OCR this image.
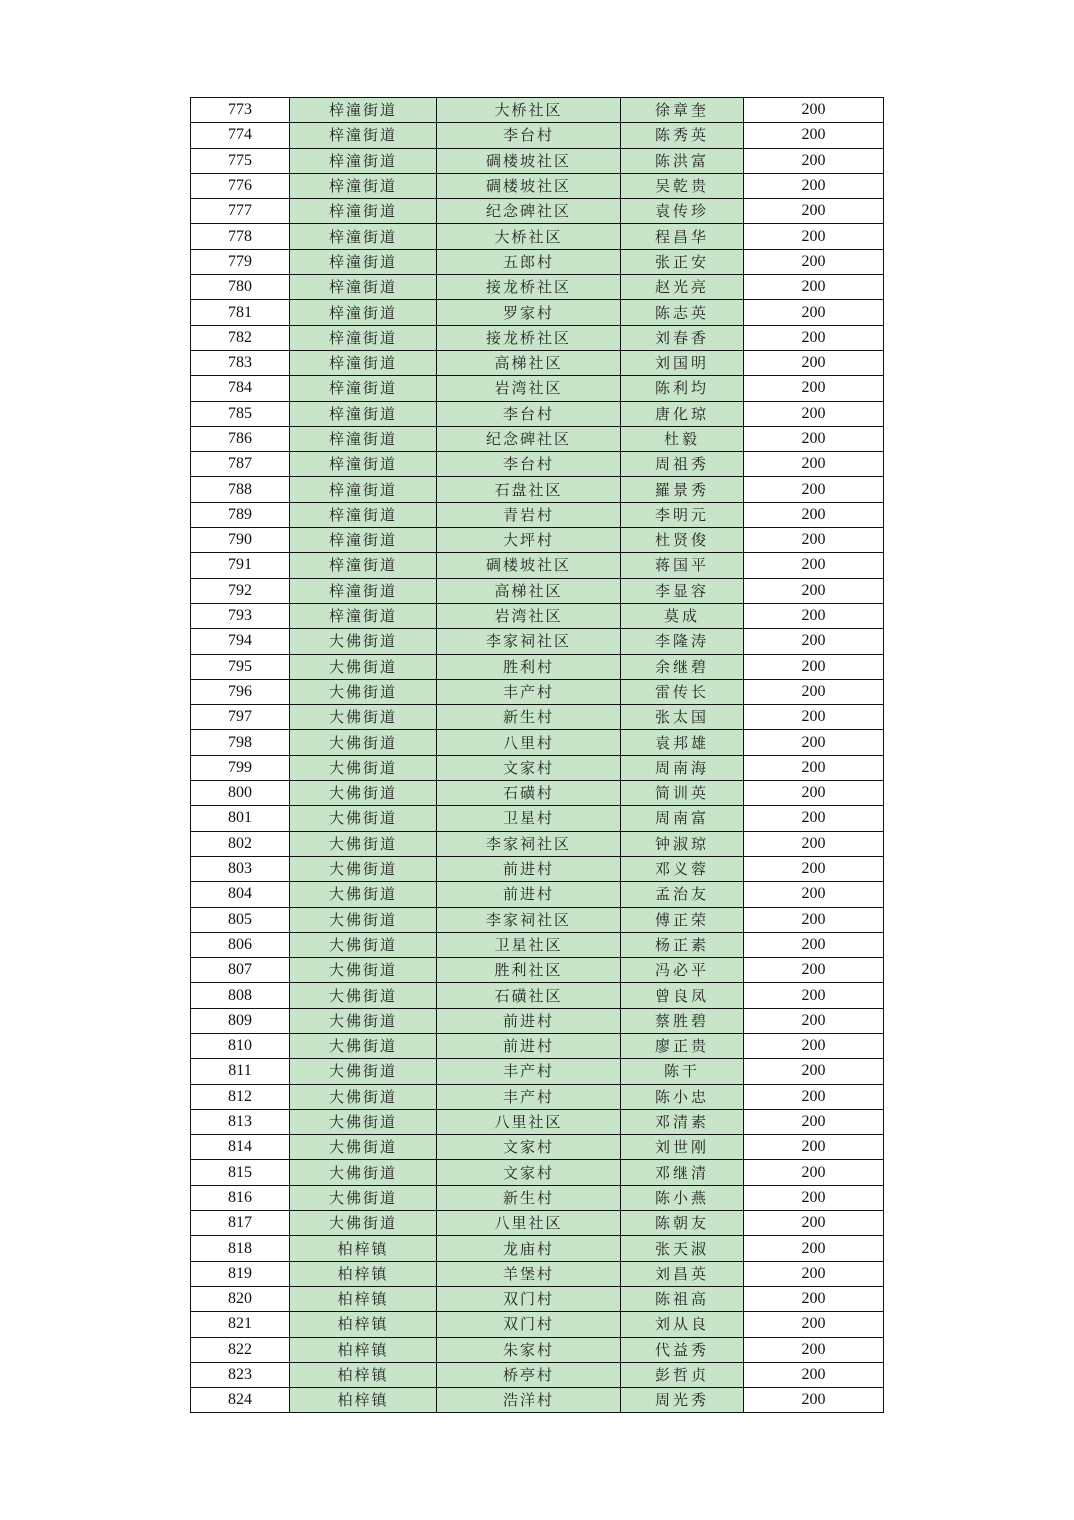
773	梓潼街道	大桥社区	徐章奎	200
774	梓潼街道	李台村	陈秀英	200
775	梓潼街道	碉楼坡社区	陈洪富	200
776	梓潼街道	碉楼坡社区	吴乾贵	200
777	梓潼街道	纪念碑社区	袁传珍	200
778	梓潼街道	大桥社区	程昌华	200
779	梓潼街道	五郎村	张正安	200
780	梓潼街道	接龙桥社区	赵光亮	200
781	梓潼街道	罗家村	陈志英	200
782	梓潼街道	接龙桥社区	刘春香	200
783	梓潼街道	高梯社区	刘国明	200
784	梓潼街道	岩湾社区	陈利均	200
785	梓潼街道	李台村	唐化琼	200
786	梓潼街道	纪念碑社区	杜毅	200
787	梓潼街道	李台村	周祖秀	200
788	梓潼街道	石盘社区	羅景秀	200
789	梓潼街道	青岩村	李明元	200
790	梓潼街道	大坪村	杜贤俊	200
791	梓潼街道	碉楼坡社区	蒋国平	200
792	梓潼街道	高梯社区	李显容	200
793	梓潼街道	岩湾社区	莫成	200
794	大佛街道	李家祠社区	李隆涛	200
795	大佛街道	胜利村	余继碧	200
796	大佛街道	丰产村	雷传长	200
797	大佛街道	新生村	张太国	200
798	大佛街道	八里村	袁邦雄	200
799	大佛街道	文家村	周南海	200
800	大佛街道	石磺村	简训英	200
801	大佛街道	卫星村	周南富	200
802	大佛街道	李家祠社区	钟淑琼	200
803	大佛街道	前进村	邓义蓉	200
804	大佛街道	前进村	孟治友	200
805	大佛街道	李家祠社区	傅正荣	200
806	大佛街道	卫星社区	杨正素	200
807	大佛街道	胜利社区	冯必平	200
808	大佛街道	石磺社区	曾良凤	200
809	大佛街道	前进村	蔡胜碧	200
810	大佛街道	前进村	廖正贵	200
811	大佛街道	丰产村	陈干	200
812	大佛街道	丰产村	陈小忠	200
813	大佛街道	八里社区	邓清素	200
814	大佛街道	文家村	刘世刚	200
815	大佛街道	文家村	邓继清	200
816	大佛街道	新生村	陈小燕	200
817	大佛街道	八里社区	陈朝友	200
818	柏梓镇	龙庙村	张天淑	200
819	柏梓镇	羊堡村	刘昌英	200
820	柏梓镇	双门村	陈祖高	200
821	柏梓镇	双门村	刘从良	200
822	柏梓镇	朱家村	代益秀	200
823	柏梓镇	桥亭村	彭哲贞	200
824	柏梓镇	浩洋村	周光秀	200
